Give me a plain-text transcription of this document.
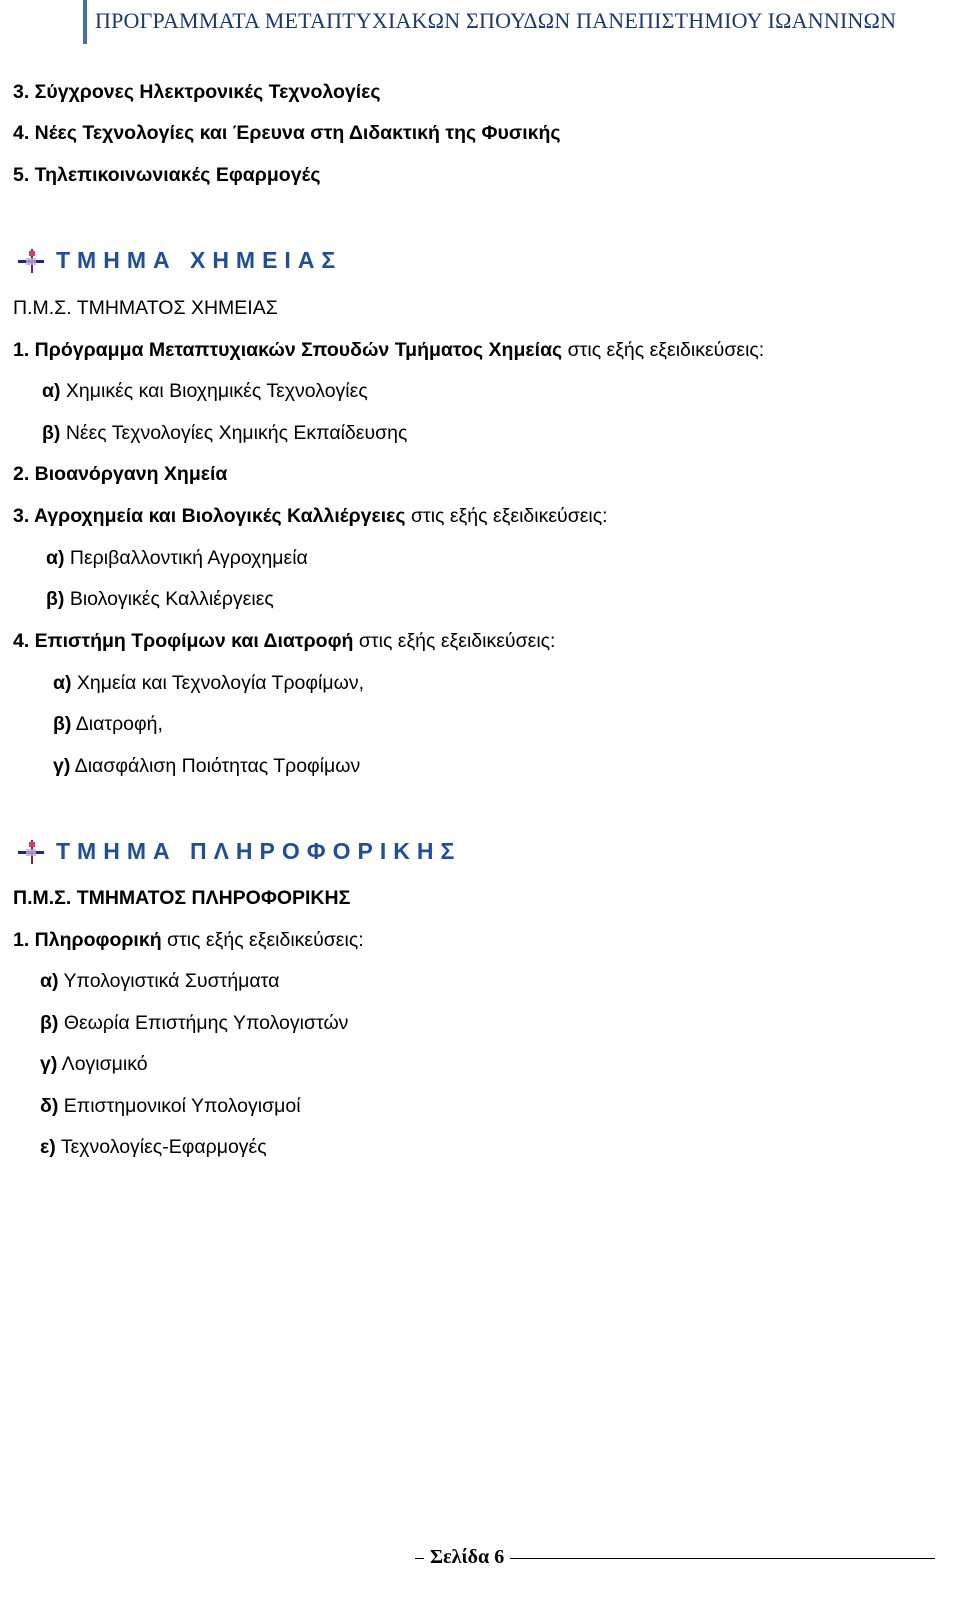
ΠΡΟΓΡΑΜΜΑΤΑ ΜΕΤΑΠΤΥΧΙΑΚΩΝ ΣΠΟΥΔΩΝ ΠΑΝΕΠΙΣΤΗΜΙΟΥ ΙΩΑΝΝΙΝΩΝ
3. Σύγχρονες Ηλεκτρονικές Τεχνολογίες
4. Νέες Τεχνολογίες και Έρευνα στη Διδακτική της Φυσικής
5. Τηλεπικοινωνιακές Εφαρμογές
ΤΜΗΜΑ ΧΗΜΕΙΑΣ
Π.Μ.Σ. ΤΜΗΜΑΤΟΣ ΧΗΜΕΙΑΣ
1. Πρόγραμμα Μεταπτυχιακών Σπουδών Τμήματος Χημείας στις εξής εξειδικεύσεις:
α) Χημικές και Βιοχημικές Τεχνολογίες
β) Νέες Τεχνολογίες Χημικής Εκπαίδευσης
2. Βιοανόργανη Χημεία
3. Αγροχημεία και Βιολογικές Καλλιέργειες στις εξής εξειδικεύσεις:
α) Περιβαλλοντική Αγροχημεία
β) Βιολογικές Καλλιέργειες
4. Επιστήμη Τροφίμων και Διατροφή στις εξής εξειδικεύσεις:
α) Χημεία και Τεχνολογία Τροφίμων,
β) Διατροφή,
γ) Διασφάλιση Ποιότητας Τροφίμων
ΤΜΗΜΑ ΠΛΗΡΟΦΟΡΙΚΗΣ
Π.Μ.Σ. ΤΜΗΜΑΤΟΣ ΠΛΗΡΟΦΟΡΙΚΗΣ
1. Πληροφορική στις εξής εξειδικεύσεις:
α) Υπολογιστικά Συστήματα
β) Θεωρία Επιστήμης Υπολογιστών
γ) Λογισμικό
δ) Επιστημονικοί Υπολογισμοί
ε) Τεχνολογίες-Εφαρμογές
Σελίδα 6
